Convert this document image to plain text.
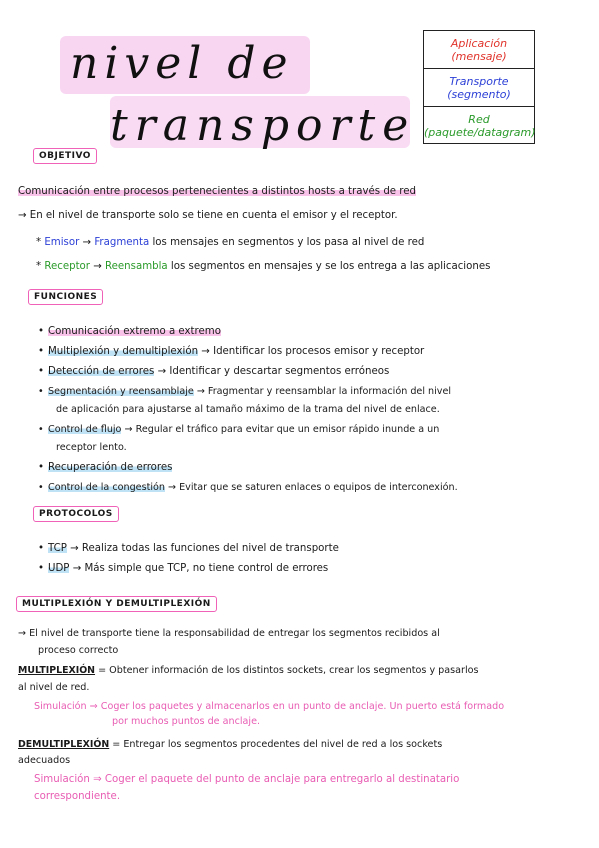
nivel de
transporte
Aplicación
(mensaje)
Transporte
(segmento)
Red
(paquete/datagram)
OBJETIVO
Comunicación entre procesos pertenecientes a distintos hosts a través de red
→ En el nivel de transporte solo se tiene en cuenta el emisor y el receptor.
* Emisor → Fragmenta los mensajes en segmentos y los pasa al nivel de red
* Receptor → Reensambla los segmentos en mensajes y se los entrega a las aplicaciones
FUNCIONES
• Comunicación extremo a extremo
• Multiplexión y demultiplexión → Identificar los procesos emisor y receptor
• Detección de errores → Identificar y descartar segmentos erróneos
• Segmentación y reensamblaje → Fragmentar y reensamblar la información del nivel
de aplicación para ajustarse al tamaño máximo de la trama del nivel de enlace.
• Control de flujo → Regular el tráfico para evitar que un emisor rápido inunde a un
receptor lento.
• Recuperación de errores
• Control de la congestión → Evitar que se saturen enlaces o equipos de interconexión.
PROTOCOLOS
• TCP → Realiza todas las funciones del nivel de transporte
• UDP → Más simple que TCP, no tiene control de errores
MULTIPLEXIÓN Y DEMULTIPLEXIÓN
→ El nivel de transporte tiene la responsabilidad de entregar los segmentos recibidos al
proceso correcto
MULTIPLEXIÓN = Obtener información de los distintos sockets, crear los segmentos y pasarlos
al nivel de red.
Simulación ⇒ Coger los paquetes y almacenarlos en un punto de anclaje. Un puerto está formado
por muchos puntos de anclaje.
DEMULTIPLEXIÓN = Entregar los segmentos procedentes del nivel de red a los sockets
adecuados
Simulación ⇒ Coger el paquete del punto de anclaje para entregarlo al destinatario
correspondiente.
